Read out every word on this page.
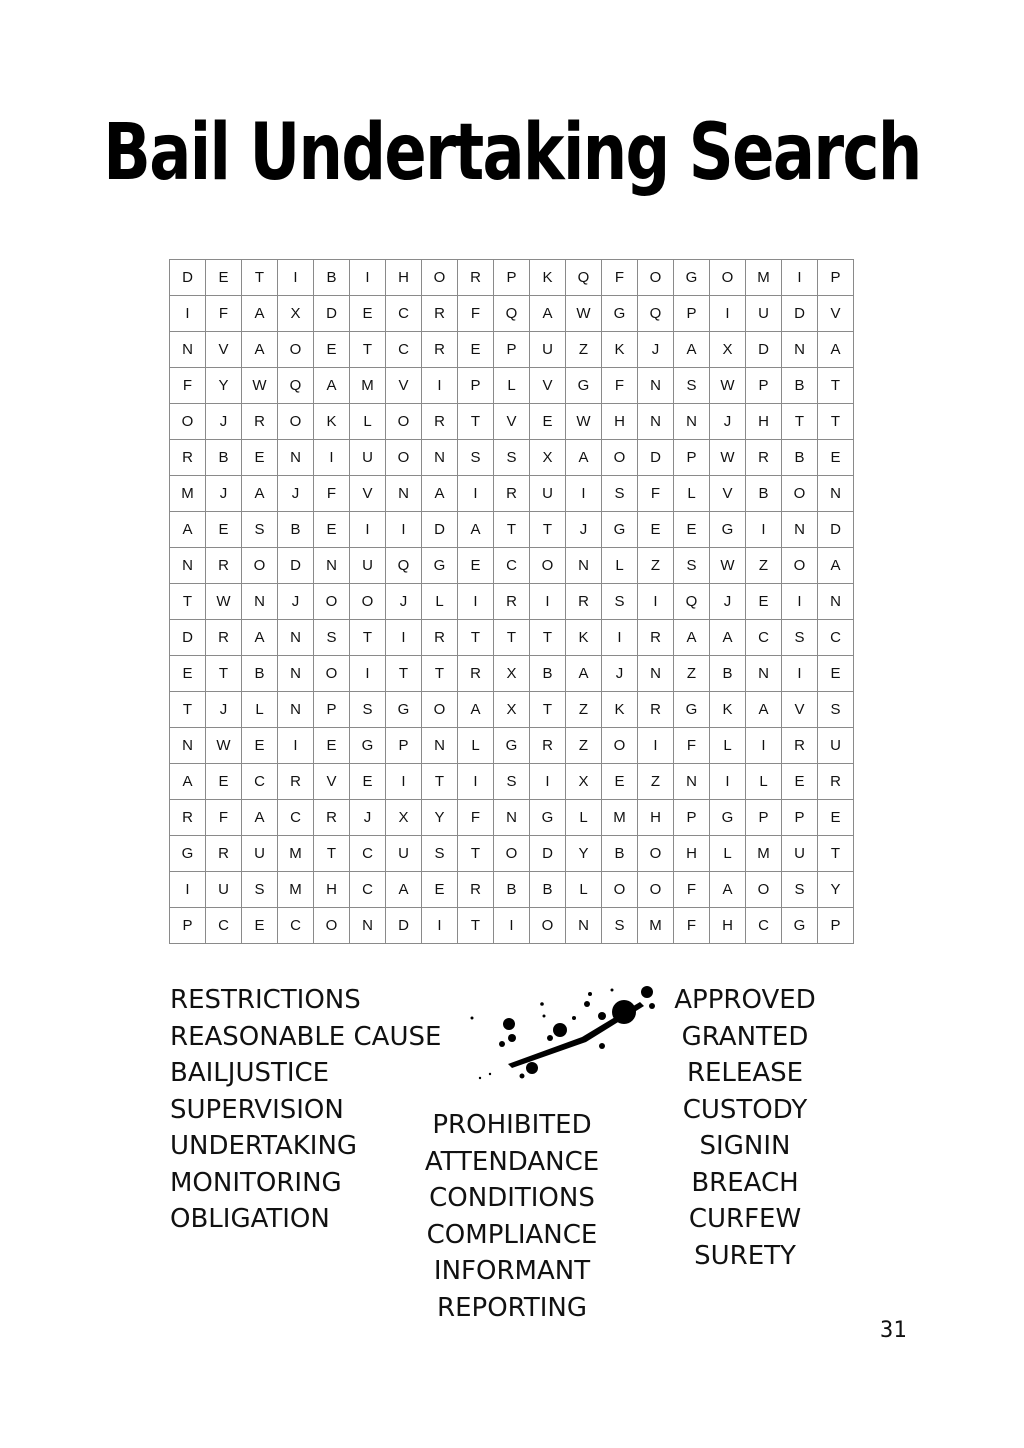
Bail Undertaking Search
D	E	T	I	B	I	H	O	R	P	K	Q	F	O	G	O	M	I	P
I	F	A	X	D	E	C	R	F	Q	A	W	G	Q	P	I	U	D	V
N	V	A	O	E	T	C	R	E	P	U	Z	K	J	A	X	D	N	A
F	Y	W	Q	A	M	V	I	P	L	V	G	F	N	S	W	P	B	T
O	J	R	O	K	L	O	R	T	V	E	W	H	N	N	J	H	T	T
R	B	E	N	I	U	O	N	S	S	X	A	O	D	P	W	R	B	E
M	J	A	J	F	V	N	A	I	R	U	I	S	F	L	V	B	O	N
A	E	S	B	E	I	I	D	A	T	T	J	G	E	E	G	I	N	D
N	R	O	D	N	U	Q	G	E	C	O	N	L	Z	S	W	Z	O	A
T	W	N	J	O	O	J	L	I	R	I	R	S	I	Q	J	E	I	N
D	R	A	N	S	T	I	R	T	T	T	K	I	R	A	A	C	S	C
E	T	B	N	O	I	T	T	R	X	B	A	J	N	Z	B	N	I	E
T	J	L	N	P	S	G	O	A	X	T	Z	K	R	G	K	A	V	S
N	W	E	I	E	G	P	N	L	G	R	Z	O	I	F	L	I	R	U
A	E	C	R	V	E	I	T	I	S	I	X	E	Z	N	I	L	E	R
R	F	A	C	R	J	X	Y	F	N	G	L	M	H	P	G	P	P	E
G	R	U	M	T	C	U	S	T	O	D	Y	B	O	H	L	M	U	T
I	U	S	M	H	C	A	E	R	B	B	L	O	O	F	A	O	S	Y
P	C	E	C	O	N	D	I	T	I	O	N	S	M	F	H	C	G	P
RESTRICTIONS
REASONABLE CAUSE
BAILJUSTICE
SUPERVISION
UNDERTAKING
MONITORING
OBLIGATION
PROHIBITED
ATTENDANCE
CONDITIONS
COMPLIANCE
INFORMANT
REPORTING
APPROVED
GRANTED
RELEASE
CUSTODY
SIGNIN
BREACH
CURFEW
SURETY
31
